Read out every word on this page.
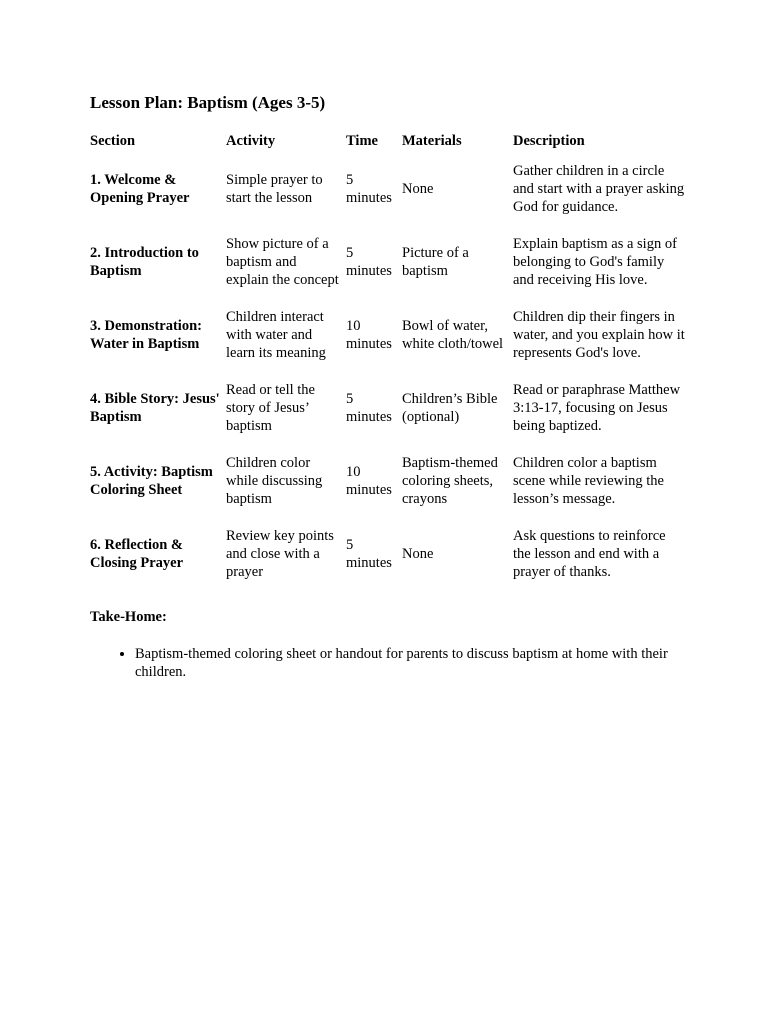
Lesson Plan: Baptism (Ages 3-5)
Section	Activity	Time	Materials	Description
1. Welcome & Opening Prayer	Simple prayer to start the lesson	5 minutes	None	Gather children in a circle and start with a prayer asking God for guidance.
2. Introduction to Baptism	Show picture of a baptism and explain the concept	5 minutes	Picture of a baptism	Explain baptism as a sign of belonging to God's family and receiving His love.
3. Demonstration: Water in Baptism	Children interact with water and learn its meaning	10 minutes	Bowl of water, white cloth/towel	Children dip their fingers in water, and you explain how it represents God's love.
4. Bible Story: Jesus' Baptism	Read or tell the story of Jesus’ baptism	5 minutes	Children’s Bible (optional)	Read or paraphrase Matthew 3:13-17, focusing on Jesus being baptized.
5. Activity: Baptism Coloring Sheet	Children color while discussing baptism	10 minutes	Baptism-themed coloring sheets, crayons	Children color a baptism scene while reviewing the lesson’s message.
6. Reflection & Closing Prayer	Review key points and close with a prayer	5 minutes	None	Ask questions to reinforce the lesson and end with a prayer of thanks.
Take-Home:
• Baptism-themed coloring sheet or handout for parents to discuss baptism at home with their children.
